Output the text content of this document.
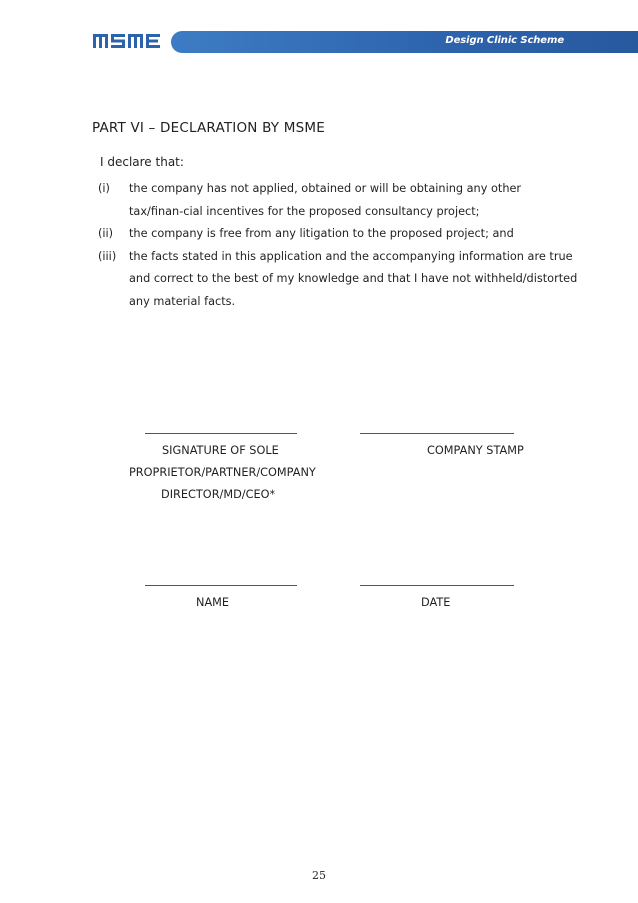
Design Clinic Scheme
PART VI – DECLARATION BY MSME
I declare that:
(i) the company has not applied, obtained or will be obtaining any other tax/finan-cial incentives for the proposed consultancy project;
(ii) the company is free from any litigation to the proposed project; and
(iii) the facts stated in this application and the accompanying information are true and correct to the best of my knowledge and that I have not withheld/distorted any material facts.
SIGNATURE OF SOLE
PROPRIETOR/PARTNER/COMPANY
DIRECTOR/MD/CEO*
COMPANY STAMP
NAME	DATE
25
